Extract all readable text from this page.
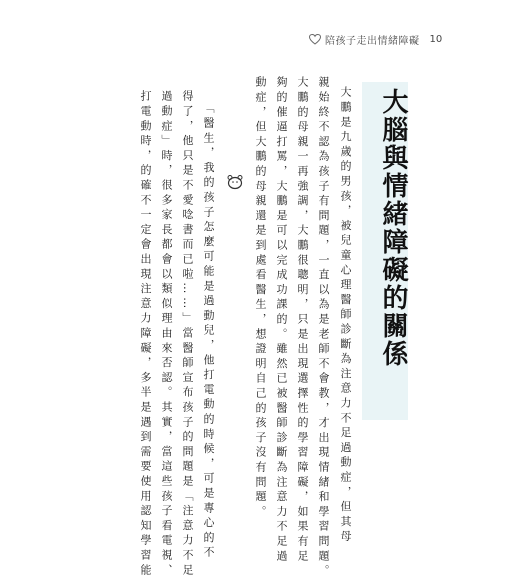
陪孩子走出情緒障礙 10
大腦與情緒障礙的關係
大鵬是九歲的男孩，被兒童心理醫師診斷為注意力不足過動症，但其母
親始終不認為孩子有問題，一直以為是老師不會教，才出現情緒和學習問題。
大鵬的母親一再強調，大鵬很聰明，只是出現選擇性的學習障礙，如果有足
夠的催逼打罵，大鵬是可以完成功課的。雖然已被醫師診斷為注意力不足過
動症，但大鵬的母親還是到處看醫生，想證明自己的孩子沒有問題。
「醫生，我的孩子怎麼可能是過動兒，他打電動的時候，可是專心的不
得了，他只是不愛唸書而已啦……」當醫師宣布孩子的問題是「注意力不足
過動症」時，很多家長都會以類似理由來否認。其實，當這些孩子看電視、
打電動時，的確不一定會出現注意力障礙，多半是遇到需要使用認知學習能
